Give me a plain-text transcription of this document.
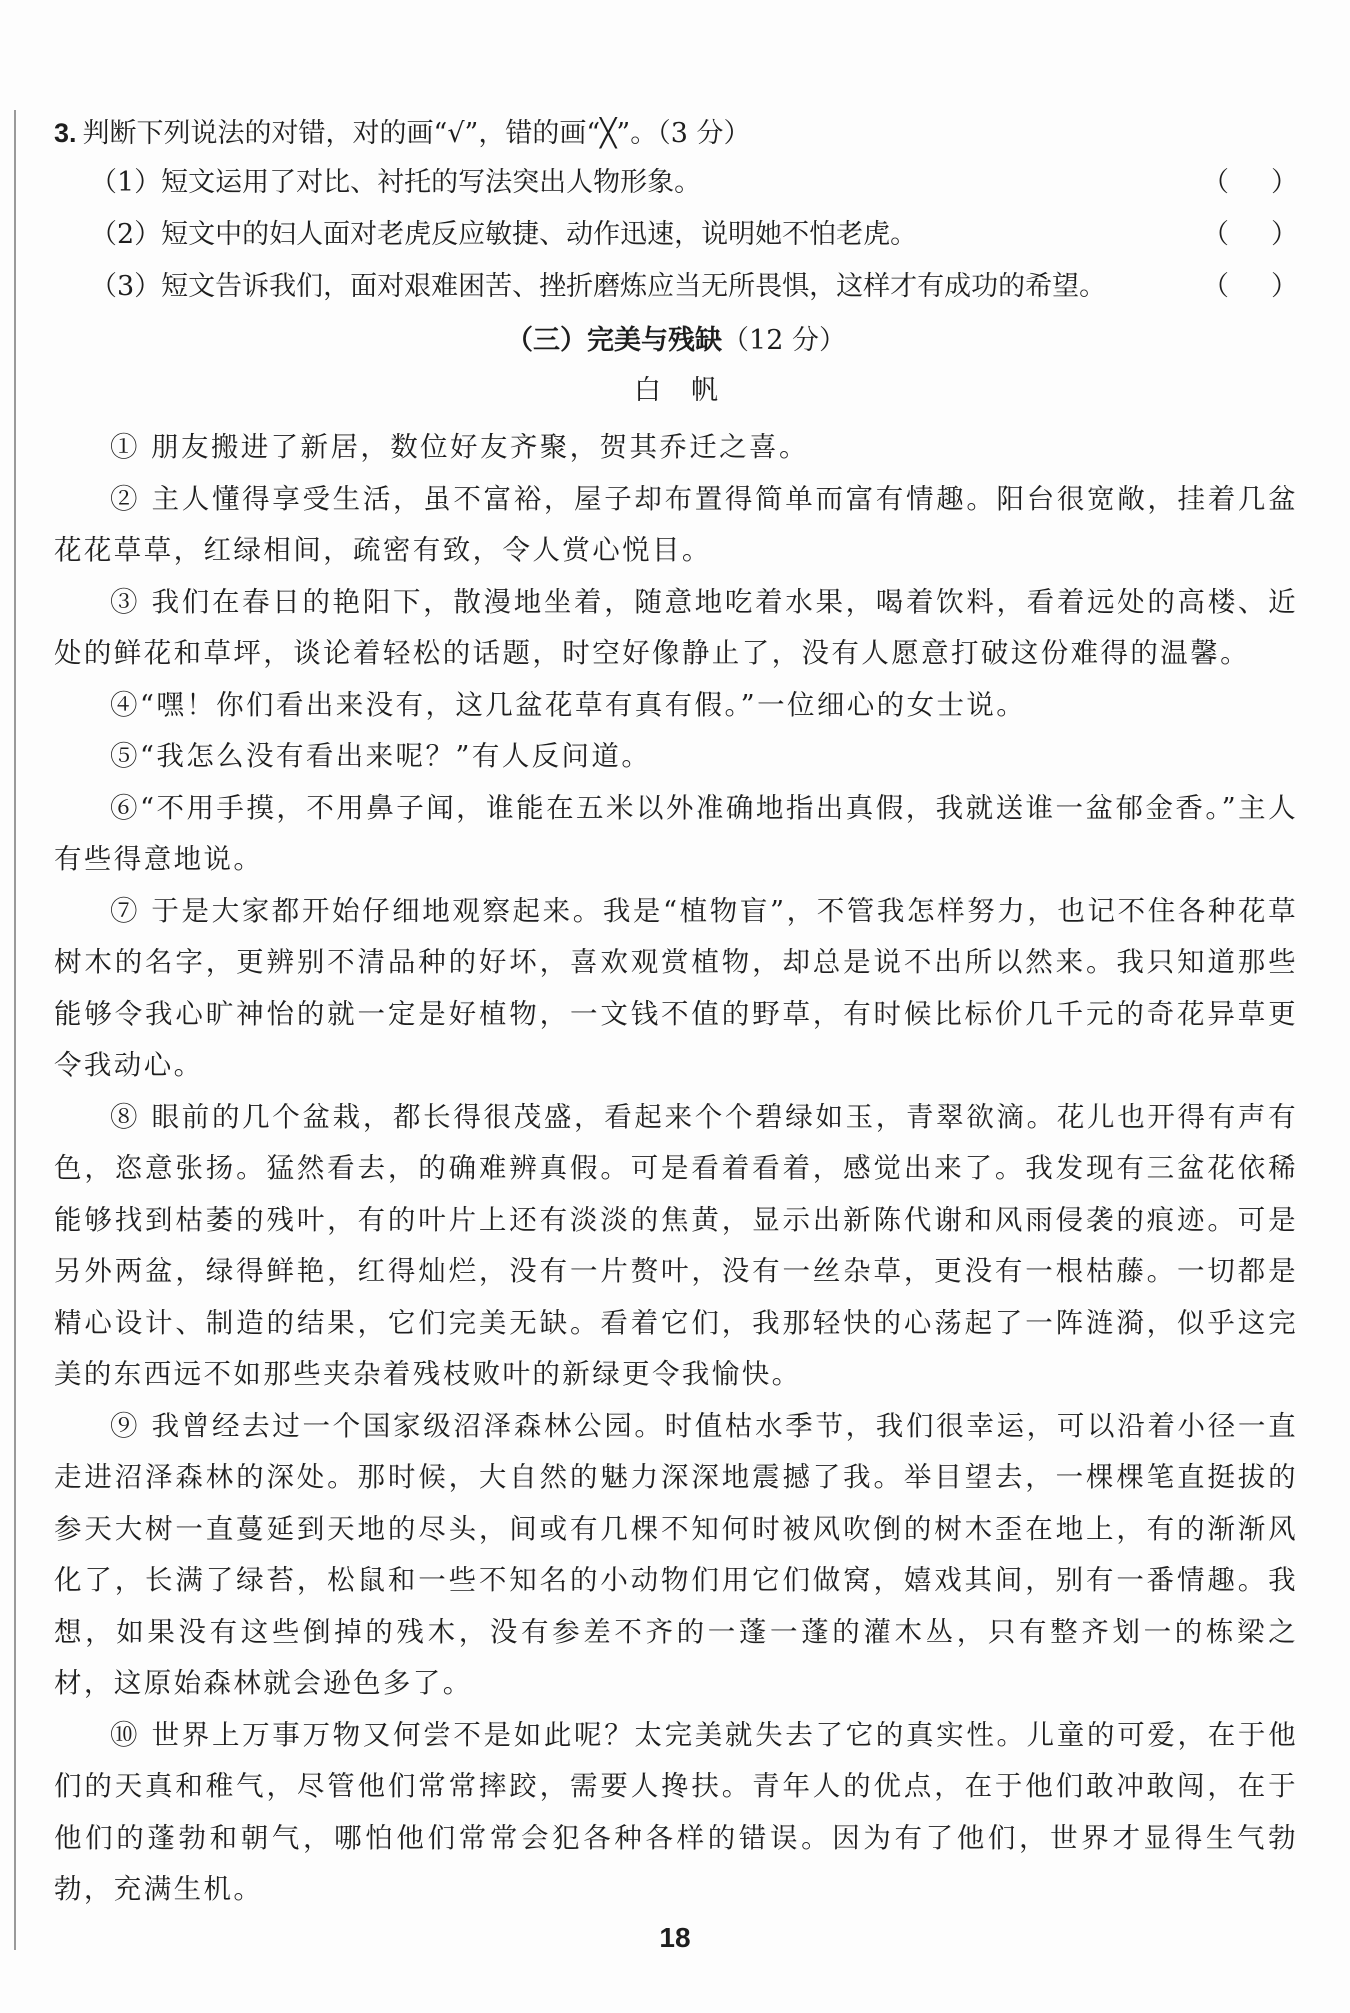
3. 判断下列说法的对错，对的画“√”，错的画“╳”。（3 分）
（1）短文运用了对比、衬托的写法突出人物形象。	（ ）
（2）短文中的妇人面对老虎反应敏捷、动作迅速，说明她不怕老虎。	（ ）
（3）短文告诉我们，面对艰难困苦、挫折磨炼应当无所畏惧，这样才有成功的希望。	（ ）
（三）完美与残缺（12 分）
白帆

① 朋友搬进了新居，数位好友齐聚，贺其乔迁之喜。

② 主人懂得享受生活，虽不富裕，屋子却布置得简单而富有情趣。阳台很宽敞，挂着几盆花花草草，红绿相间，疏密有致，令人赏心悦目。

③ 我们在春日的艳阳下，散漫地坐着，随意地吃着水果，喝着饮料，看着远处的高楼、近处的鲜花和草坪，谈论着轻松的话题，时空好像静止了，没有人愿意打破这份难得的温馨。

④“嘿！你们看出来没有，这几盆花草有真有假。”一位细心的女士说。

⑤“我怎么没有看出来呢？”有人反问道。

⑥“不用手摸，不用鼻子闻，谁能在五米以外准确地指出真假，我就送谁一盆郁金香。”主人有些得意地说。

⑦ 于是大家都开始仔细地观察起来。我是“植物盲”，不管我怎样努力，也记不住各种花草树木的名字，更辨别不清品种的好坏，喜欢观赏植物，却总是说不出所以然来。我只知道那些能够令我心旷神怡的就一定是好植物，一文钱不值的野草，有时候比标价几千元的奇花异草更令我动心。

⑧ 眼前的几个盆栽，都长得很茂盛，看起来个个碧绿如玉，青翠欲滴。花儿也开得有声有色，恣意张扬。猛然看去，的确难辨真假。可是看着看着，感觉出来了。我发现有三盆花依稀能够找到枯萎的残叶，有的叶片上还有淡淡的焦黄，显示出新陈代谢和风雨侵袭的痕迹。可是另外两盆，绿得鲜艳，红得灿烂，没有一片赘叶，没有一丝杂草，更没有一根枯藤。一切都是精心设计、制造的结果，它们完美无缺。看着它们，我那轻快的心荡起了一阵涟漪，似乎这完美的东西远不如那些夹杂着残枝败叶的新绿更令我愉快。

⑨ 我曾经去过一个国家级沼泽森林公园。时值枯水季节，我们很幸运，可以沿着小径一直走进沼泽森林的深处。那时候，大自然的魅力深深地震撼了我。举目望去，一棵棵笔直挺拔的参天大树一直蔓延到天地的尽头，间或有几棵不知何时被风吹倒的树木歪在地上，有的渐渐风化了，长满了绿苔，松鼠和一些不知名的小动物们用它们做窝，嬉戏其间，别有一番情趣。我想，如果没有这些倒掉的残木，没有参差不齐的一蓬一蓬的灌木丛，只有整齐划一的栋梁之材，这原始森林就会逊色多了。

⑩ 世界上万事万物又何尝不是如此呢？太完美就失去了它的真实性。儿童的可爱，在于他们的天真和稚气，尽管他们常常摔跤，需要人搀扶。青年人的优点，在于他们敢冲敢闯，在于他们的蓬勃和朝气，哪怕他们常常会犯各种各样的错误。因为有了他们，世界才显得生气勃勃，充满生机。

18
